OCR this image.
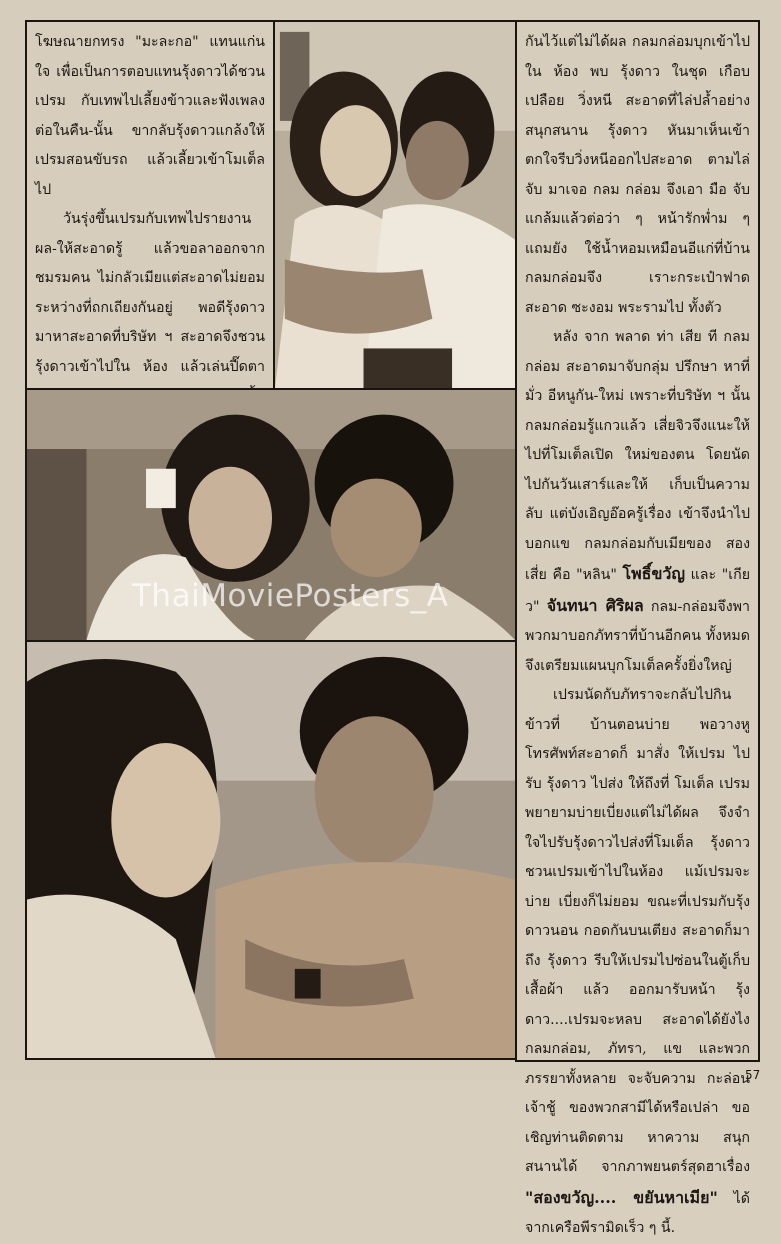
โฆษณายกทรง "มะละกอ" แทนแก่นใจ เพื่อเป็นการตอบแทนรุ้งดาวได้ชวนเปรม กับเทพไปเลี้ยงข้าวและฟังเพลงต่อในคืน-นั้น ขากลับรุ้งดาวแกล้งให้เปรมสอนขับรถ แล้วเลี้ยวเข้าโมเต็ลไป

วันรุ่งขึ้นเปรมกับเทพไปรายงานผล-ให้สะอาดรู้ แล้วขอลาออกจากชมรมคน ไม่กลัวเมียแต่สะอาดไม่ยอม ระหว่างที่ถกเถียงกันอยู่ พอดีรุ้งดาว มาหาสะอาดที่บริษัท ฯ สะอาดจึงชวนรุ้งดาวเข้าไปใน ห้อง แล้วเล่นปี๊ดตา

ThaiMoviePosters_A

กันไว้แต่ไม่ได้ผล กลมกล่อมบุกเข้าไปใน ห้อง พบ รุ้งดาว ในชุด เกือบ เปลือย วิ่งหนี สะอาดที่ไล่ปล้ำอย่างสนุกสนาน รุ้งดาว หันมาเห็นเข้าตกใจรีบวิ่งหนีออกไปสะอาด ตามไล่จับ มาเจอ กลม กล่อม จึงเอา มือ จับ แกล้มแล้วต่อว่า ๆ หน้ารักพ่ำม ๆ แถมยัง ใช้น้ำหอมเหมือนอีแก่ที่บ้าน กลมกล่อมจึง เราะกระเป๋าฟาด สะอาด ซะงอม พระรามไป ทั้งตัว

หลัง จาก พลาด ท่า เสีย ที กลม กล่อม สะอาดมาจับกลุ่ม ปรึกษา หาที่มั่ว อีหนูกัน-ใหม่ เพราะที่บริษัท ฯ นั้นกลมกล่อมรู้แกวแล้ว เสี่ยจิวจึงแนะให้ไปที่โมเต็ลเปิด ใหม่ของตน โดยนัดไปกันวันเสาร์และให้ เก็บเป็นความลับ แต่บังเอิญอ๊อครู้เรื่อง เข้าจึงนำไปบอกแข กลมกล่อมกับเมียของ สองเสี่ย คือ "หลิน" โพธิ์ขวัญ และ "เกียว" จันทนา ศิริผล กลม-กล่อมจึงพาพวกมาบอกภัทราที่บ้านอีกคน ทั้งหมดจึงเตรียมแผนบุกโมเต็ลครั้งยิ่งใหญ่

เปรมนัดกับภัทราจะกลับไปกินข้าวที่ บ้านตอนบ่าย พอวางหูโทรศัพท์สะอาดก็ มาสั่ง ให้เปรม ไปรับ รุ้งดาว ไปส่ง ให้ถึงที่ โมเต็ล เปรมพยายามบ่ายเบี่ยงแต่ไม่ได้ผล จึงจำใจไปรับรุ้งดาวไปส่งที่โมเต็ล รุ้งดาว ชวนเปรมเข้าไปในห้อง แม้เปรมจะบ่าย เบี่ยงก็ไม่ยอม ขณะที่เปรมกับรุ้งดาวนอน กอดกันบนเตียง สะอาดก็มาถึง รุ้งดาว รีบให้เปรมไปซ่อนในตู้เก็บเสื้อผ้า แล้ว ออกมารับหน้า รุ้งดาว....เปรมจะหลบ สะอาดได้ยังไง กลมกล่อม, ภัทรา, แข และพวกภรรยาทั้งหลาย จะจับความ กะล่อน เจ้าชู้ ของพวกสามีได้หรือเปล่า ขอเชิญท่านติดตาม หาความ สนุก สนานได้ จากภาพยนตร์สุดฮาเรื่อง "สองขวัญ.... ขยันหาเมีย" ได้จากเครือพีรามิดเร็ว ๆ นี้.

57
